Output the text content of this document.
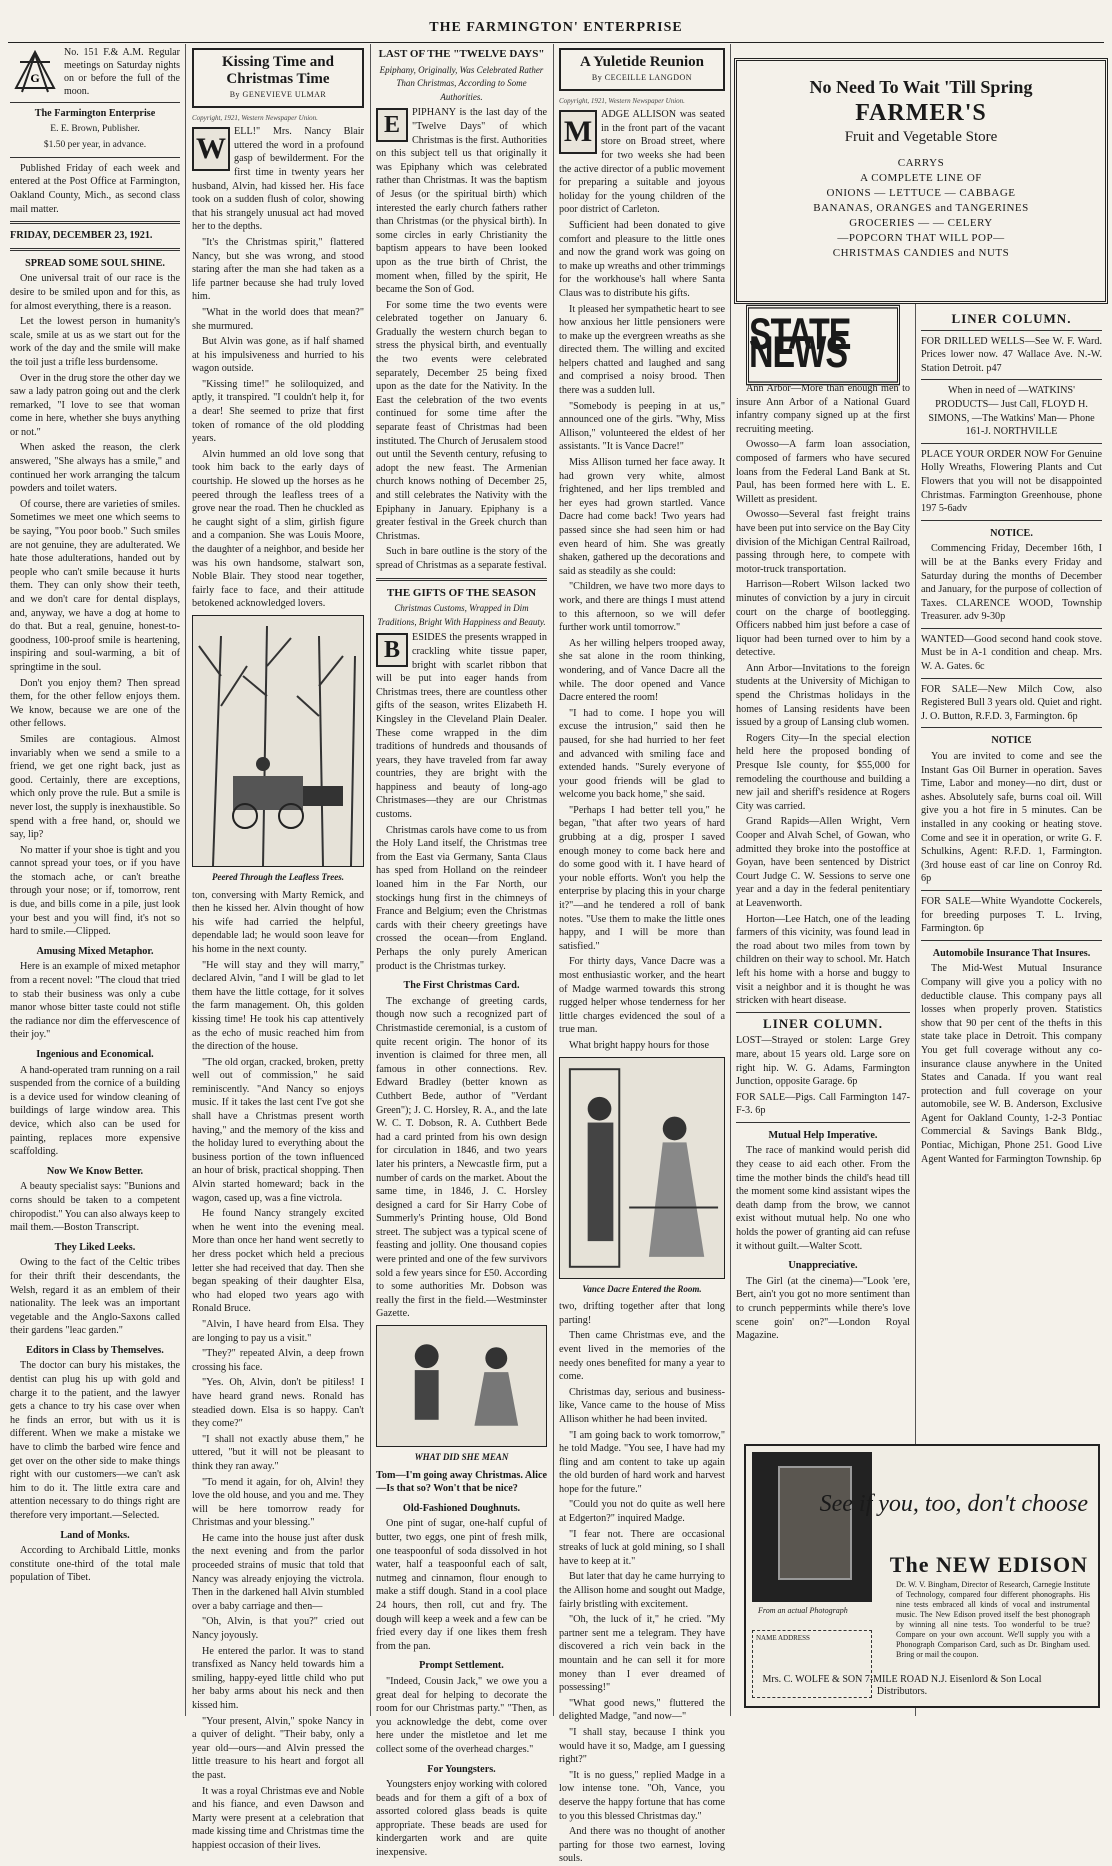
THE FARMINGTON' ENTERPRISE
G
No. 151 F.& A.M. Regular meetings on Saturday nights on or before the full of the moon.

The Farmington Enterprise

E. E. Brown, Publisher.

$1.50 per year, in advance.

Published Friday of each week and entered at the Post Office at Farmington, Oakland County, Mich., as second class mail matter.

FRIDAY, DECEMBER 23, 1921.

SPREAD SOME SOUL SHINE.

One universal trait of our race is the desire to be smiled upon and for this, as for almost everything, there is a reason.

Let the lowest person in humanity's scale, smile at us as we start out for the work of the day and the smile will make the toil just a trifle less burdensome.

Over in the drug store the other day we saw a lady patron going out and the clerk remarked, "I love to see that woman come in here, whether she buys anything or not."

When asked the reason, the clerk answered, "She always has a smile," and continued her work arranging the talcum powders and toilet waters.

Of course, there are varieties of smiles. Sometimes we meet one which seems to be saying, "You poor boob." Such smiles are not genuine, they are adulterated. We hate those adulterations, handed out by people who can't smile because it hurts them. They can only show their teeth, and we don't care for dental displays, and, anyway, we have a dog at home to do that. But a real, genuine, honest-to-goodness, 100-proof smile is heartening, inspiring and soul-warming, a bit of springtime in the soul.

Don't you enjoy them? Then spread them, for the other fellow enjoys them. We know, because we are one of the other fellows.

Smiles are contagious. Almost invariably when we send a smile to a friend, we get one right back, just as good. Certainly, there are exceptions, which only prove the rule. But a smile is never lost, the supply is inexhaustible. So spend with a free hand, or, should we say, lip?

No matter if your shoe is tight and you cannot spread your toes, or if you have the stomach ache, or can't breathe through your nose; or if, tomorrow, rent is due, and bills come in a pile, just look your best and you will find, it's not so hard to smile.—Clipped.

Amusing Mixed Metaphor.

Here is an example of mixed metaphor from a recent novel: "The cloud that tried to stab their business was only a cube manor whose bitter taste could not stifle the radiance nor dim the effervescence of their joy."

Ingenious and Economical.

A hand-operated tram running on a rail suspended from the cornice of a building is a device used for window cleaning of buildings of large window area. This device, which also can be used for painting, replaces more expensive scaffolding.

Now We Know Better.

A beauty specialist says: "Bunions and corns should be taken to a competent chiropodist." You can also always keep to mail them.—Boston Transcript.

They Liked Leeks.

Owing to the fact of the Celtic tribes for their thrift their descendants, the Welsh, regard it as an emblem of their nationality. The leek was an important vegetable and the Anglo-Saxons called their gardens "leac garden."

Editors in Class by Themselves.

The doctor can bury his mistakes, the dentist can plug his up with gold and charge it to the patient, and the lawyer gets a chance to try his case over when he finds an error, but with us it is different. When we make a mistake we have to climb the barbed wire fence and get over on the other side to make things right with our customers—we can't ask him to do it. The little extra care and attention necessary to do things right are therefore very important.—Selected.

Land of Monks.

According to Archibald Little, monks constitute one-third of the total male population of Tibet.

Kissing Time and Christmas Time
By GENEVIEVE ULMAR
Copyright, 1921, Western Newspaper Union.
W

ELL!" Mrs. Nancy Blair uttered the word in a profound gasp of bewilderment. For the first time in twenty years her husband, Alvin, had kissed her. His face took on a sudden flush of color, showing that his strangely unusual act had moved her to the depths.

"It's the Christmas spirit," flattered Nancy, but she was wrong, and stood staring after the man she had taken as a life partner because she had truly loved him.

"What in the world does that mean?" she murmured.

But Alvin was gone, as if half shamed at his impulsiveness and hurried to his wagon outside.

"Kissing time!" he soliloquized, and aptly, it transpired. "I couldn't help it, for a dear! She seemed to prize that first token of romance of the old plodding years.

Alvin hummed an old love song that took him back to the early days of courtship. He slowed up the horses as he peered through the leafless trees of a grove near the road. Then he chuckled as he caught sight of a slim, girlish figure and a companion. She was Louis Moore, the daughter of a neighbor, and beside her was his own handsome, stalwart son, Noble Blair. They stood near together, fairly face to face, and their attitude betokened acknowledged lovers.

Peered Through the Leafless Trees.

ton, conversing with Marty Remick, and then he kissed her. Alvin thought of how his wife had carried the helpful, dependable lad; he would soon leave for his home in the next county.

"He will stay and they will marry," declared Alvin, "and I will be glad to let them have the little cottage, for it solves the farm management. Oh, this golden kissing time! He took his cap attentively as the echo of music reached him from the direction of the house.

"The old organ, cracked, broken, pretty well out of commission," he said reminiscently. "And Nancy so enjoys music. If it takes the last cent I've got she shall have a Christmas present worth having," and the memory of the kiss and the holiday lured to everything about the business portion of the town influenced an hour of brisk, practical shopping. Then Alvin started homeward; back in the wagon, cased up, was a fine victrola.

He found Nancy strangely excited when he went into the evening meal. More than once her hand went secretly to her dress pocket which held a precious letter she had received that day. Then she began speaking of their daughter Elsa, who had eloped two years ago with Ronald Bruce.

"Alvin, I have heard from Elsa. They are longing to pay us a visit."

"They?" repeated Alvin, a deep frown crossing his face.

"Yes. Oh, Alvin, don't be pitiless! I have heard grand news. Ronald has steadied down. Elsa is so happy. Can't they come?"

"I shall not exactly abuse them," he uttered, "but it will not be pleasant to think they ran away."

"To mend it again, for oh, Alvin! they love the old house, and you and me. They will be here tomorrow ready for Christmas and your blessing."

He came into the house just after dusk the next evening and from the parlor proceeded strains of music that told that Nancy was already enjoying the victrola. Then in the darkened hall Alvin stumbled over a baby carriage and then—

"Oh, Alvin, is that you?" cried out Nancy joyously.

He entered the parlor. It was to stand transfixed as Nancy held towards him a smiling, happy-eyed little child who put her baby arms about his neck and then kissed him.

"Your present, Alvin," spoke Nancy in a quiver of delight. "Their baby, only a year old—ours—and Alvin pressed the little treasure to his heart and forgot all the past.

It was a royal Christmas eve and Noble and his fiance, and even Dawson and Marty were present at a celebration that made kissing time and Christmas time the happiest occasion of their lives.

LAST OF THE "TWELVE DAYS"

Epiphany, Originally, Was Celebrated Rather Than Christmas, According to Some Authorities.

E	PIPHANY is the last day of the "Twelve Days" of which Christmas is the first. Authorities on this subject tell us that originally it was Epiphany which was celebrated rather than Christmas. It was the baptism of Jesus (or the spiritual birth) which interested the early church fathers rather than Christmas (or the physical birth). In some circles in early Christianity the baptism appears to have been looked upon as the true birth of Christ, the moment when, filled by the spirit, He became the Son of God.

For some time the two events were celebrated together on January 6. Gradually the western church began to stress the physical birth, and eventually the two events were celebrated separately, December 25 being fixed upon as the date for the Nativity. In the East the celebration of the two events continued for some time after the separate feast of Christmas had been instituted. The Church of Jerusalem stood out until the Seventh century, refusing to adopt the new feast. The Armenian church knows nothing of December 25, and still celebrates the Nativity with the Epiphany in January. Epiphany is a greater festival in the Greek church than Christmas.

Such in bare outline is the story of the spread of Christmas as a separate festival.

THE GIFTS OF THE SEASON

Christmas Customs, Wrapped in Dim Traditions, Bright With Happiness and Beauty.

B	ESIDES the presents wrapped in crackling white tissue paper, bright with scarlet ribbon that will be put into eager hands from Christmas trees, there are countless other gifts of the season, writes Elizabeth H. Kingsley in the Cleveland Plain Dealer. These come wrapped in the dim traditions of hundreds and thousands of years, they have traveled from far away countries, they are bright with the happiness and beauty of long-ago Christmases—they are our Christmas customs.

Christmas carols have come to us from the Holy Land itself, the Christmas tree from the East via Germany, Santa Claus has sped from Holland on the reindeer loaned him in the Far North, our stockings hung first in the chimneys of France and Belgium; even the Christmas cards with their cheery greetings have crossed the ocean—from England. Perhaps the only purely American product is the Christmas turkey.

The First Christmas Card.

The exchange of greeting cards, though now such a recognized part of Christmastide ceremonial, is a custom of quite recent origin. The honor of its invention is claimed for three men, all famous in other connections. Rev. Edward Bradley (better known as Cuthbert Bede, author of "Verdant Green"); J. C. Horsley, R. A., and the late W. C. T. Dobson, R. A. Cuthbert Bede had a card printed from his own design for circulation in 1846, and two years later his printers, a Newcastle firm, put a number of cards on the market. About the same time, in 1846, J. C. Horsley designed a card for Sir Harry Cobe of Summerly's Printing house, Old Bond street. The subject was a typical scene of feasting and jollity. One thousand copies were printed and one of the few survivors sold a few years since for £50. According to some authorities Mr. Dobson was really the first in the field.—Westminster Gazette.

WHAT DID SHE MEAN

Tom—I'm going away Christmas. Alice—Is that so? Won't that be nice?

Old-Fashioned Doughnuts.

One pint of sugar, one-half cupful of butter, two eggs, one pint of fresh milk, one teaspoonful of soda dissolved in hot water, half a teaspoonful each of salt, nutmeg and cinnamon, flour enough to make a stiff dough. Stand in a cool place 24 hours, then roll, cut and fry. The dough will keep a week and a few can be fried every day if one likes them fresh from the pan.

Prompt Settlement.

"Indeed, Cousin Jack," we owe you a great deal for helping to decorate the room for our Christmas party." "Then, as you acknowledge the debt, come over here under the mistletoe and let me collect some of the overhead charges."

For Youngsters.

Youngsters enjoy working with colored beads and for them a gift of a box of assorted colored glass beads is quite appropriate. These beads are used for kindergarten work and are quite inexpensive.

A Yuletide Reunion
By CECEILLE LANGDON
Copyright, 1921, Western Newspaper Union.
M

ADGE ALLISON was seated in the front part of the vacant store on Broad street, where for two weeks she had been the active director of a public movement for preparing a suitable and joyous holiday for the young children of the poor district of Carleton.

Sufficient had been donated to give comfort and pleasure to the little ones and now the grand work was going on to make up wreaths and other trimmings for the workhouse's hall where Santa Claus was to distribute his gifts.

It pleased her sympathetic heart to see how anxious her little pensioners were to make up the evergreen wreaths as she directed them. The willing and excited helpers chatted and laughed and sang and comprised a noisy brood. Then there was a sudden lull.

"Somebody is peeping in at us," announced one of the girls. "Why, Miss Allison," volunteered the eldest of her assistants. "It is Vance Dacre!"

Miss Allison turned her face away. It had grown very white, almost frightened, and her lips trembled and her eyes had grown startled. Vance Dacre had come back! Two years had passed since she had seen him or had even heard of him. She was greatly shaken, gathered up the decorations and said as steadily as she could:

"Children, we have two more days to work, and there are things I must attend to this afternoon, so we will defer further work until tomorrow."

As her willing helpers trooped away, she sat alone in the room thinking, wondering, and of Vance Dacre all the while. The door opened and Vance Dacre entered the room!

"I had to come. I hope you will excuse the intrusion," said then he paused, for she had hurried to her feet and advanced with smiling face and extended hands. "Surely everyone of your good friends will be glad to welcome you back home," she said.

"Perhaps I had better tell you," he began, "that after two years of hard grubbing at a dig, prosper I saved enough money to come back here and do some good with it. I have heard of your noble efforts. Won't you help the enterprise by placing this in your charge it?"—and he tendered a roll of bank notes. "Use them to make the little ones happy, and I will be more than satisfied."

For thirty days, Vance Dacre was a most enthusiastic worker, and the heart of Madge warmed towards this strong rugged helper whose tenderness for her little charges evidenced the soul of a true man.

What bright happy hours for those

Vance Dacre Entered the Room.

two, drifting together after that long parting!

Then came Christmas eve, and the event lived in the memories of the needy ones benefited for many a year to come.

Christmas day, serious and business-like, Vance came to the house of Miss Allison whither he had been invited.

"I am going back to work tomorrow," he told Madge. "You see, I have had my fling and am content to take up again the old burden of hard work and harvest hope for the future."

"Could you not do quite as well here at Edgerton?" inquired Madge.

"I fear not. There are occasional streaks of luck at gold mining, so I shall have to keep at it."

But later that day he came hurrying to the Allison home and sought out Madge, fairly bristling with excitement.

"Oh, the luck of it," he cried. "My partner sent me a telegram. They have discovered a rich vein back in the mountain and he can sell it for more money than I ever dreamed of possessing!"

"What good news," fluttered the delighted Madge, "and now—"

"I shall stay, because I think you would have it so, Madge, am I guessing right?"

"It is no guess," replied Madge in a low intense tone. "Oh, Vance, you deserve the happy fortune that has come to you this blessed Christmas day."

And there was no thought of another parting for those two earnest, loving souls.

No Need To Wait 'Till Spring
FARMER'S
Fruit and Vegetable Store
CARRYS
A COMPLETE LINE OF
ONIONS — LETTUCE — CABBAGE
BANANAS, ORANGES and TANGERINES
GROCERIES — — CELERY
—POPCORN THAT WILL POP—
CHRISTMAS CANDIES and NUTS
STATE NEWS

Ann Arbor—More than enough men to insure Ann Arbor of a National Guard infantry company signed up at the first recruiting meeting.

Owosso—A farm loan association, composed of farmers who have secured loans from the Federal Land Bank at St. Paul, has been formed here with L. E. Willett as president.

Owosso—Several fast freight trains have been put into service on the Bay City division of the Michigan Central Railroad, passing through here, to compete with motor-truck transportation.

Harrison—Robert Wilson lacked two minutes of conviction by a jury in circuit court on the charge of bootlegging. Officers nabbed him just before a case of liquor had been turned over to him by a detective.

Ann Arbor—Invitations to the foreign students at the University of Michigan to spend the Christmas holidays in the homes of Lansing residents have been issued by a group of Lansing club women.

Rogers City—In the special election held here the proposed bonding of Presque Isle county, for $55,000 for remodeling the courthouse and building a new jail and sheriff's residence at Rogers City was carried.

Grand Rapids—Allen Wright, Vern Cooper and Alvah Schel, of Gowan, who admitted they broke into the postoffice at Goyan, have been sentenced by District Court Judge C. W. Sessions to serve one year and a day in the federal penitentiary at Leavenworth.

Horton—Lee Hatch, one of the leading farmers of this vicinity, was found lead in the road about two miles from town by children on their way to school. Mr. Hatch left his home with a horse and buggy to visit a neighbor and it is thought he was stricken with heart disease.

LINER COLUMN.

LOST—Strayed or stolen: Large Grey mare, about 15 years old. Large sore on right hip. W. G. Adams, Farmington Junction, opposite Garage. 6p

FOR SALE—Pigs. Call Farmington 147-F-3. 6p

Mutual Help Imperative.

The race of mankind would perish did they cease to aid each other. From the time the mother binds the child's head till the moment some kind assistant wipes the death damp from the brow, we cannot exist without mutual help. No one who holds the power of granting aid can refuse it without guilt.—Walter Scott.

Unappreciative.

The Girl (at the cinema)—"Look 'ere, Bert, ain't you got no more sentiment than to crunch peppermints while there's love scene goin' on?"—London Royal Magazine.

LINER COLUMN.

FOR DRILLED WELLS—See W. F. Ward. Prices lower now. 47 Wallace Ave. N.-W. Station Detroit. p47

When in need of —WATKINS' PRODUCTS— Just Call, FLOYD H. SIMONS, —The Watkins' Man— Phone 161-J. NORTHVILLE

PLACE YOUR ORDER NOW For Genuine Holly Wreaths, Flowering Plants and Cut Flowers that you will not be disappointed Christmas. Farmington Greenhouse, phone 197 5-6adv

NOTICE.

Commencing Friday, December 16th, I will be at the Banks every Friday and Saturday during the months of December and January, for the purpose of collection of Taxes. CLARENCE WOOD, Township Treasurer. adv 9-30p

WANTED—Good second hand cook stove. Must be in A-1 condition and cheap. Mrs. W. A. Gates. 6c

FOR SALE—New Milch Cow, also Registered Bull 3 years old. Quiet and right. J. O. Button, R.F.D. 3, Farmington. 6p

NOTICE

You are invited to come and see the Instant Gas Oil Burner in operation. Saves Time, Labor and money—no dirt, dust or ashes. Absolutely safe, burns coal oil. Will give you a hot fire in 5 minutes. Can be installed in any cooking or heating stove. Come and see it in operation, or write G. F. Schulkins, Agent: R.F.D. 1, Farmington. (3rd house east of car line on Conroy Rd. 6p

FOR SALE—White Wyandotte Cockerels, for breeding purposes T. L. Irving, Farmington. 6p

Automobile Insurance That Insures.

The Mid-West Mutual Insurance Company will give you a policy with no deductible clause. This company pays all losses when properly proven. Statistics show that 90 per cent of the thefts in this state take place in Detroit. This company You get full coverage without any co-insurance clause anywhere in the United States and Canada. If you want real protection and full coverage on your automobile, see W. B. Anderson, Exclusive Agent for Oakland County, 1-2-3 Pontiac Commercial & Savings Bank Bldg., Pontiac, Michigan, Phone 251. Good Live Agent Wanted for Farmington Township. 6p

From an actual Photograph
See if you, too, don't choose
The NEW EDISON
Dr. W. V. Bingham, Director of Research, Carnegie Institute of Technology, compared four different phonographs. His nine tests embraced all kinds of vocal and instrumental music. The New Edison proved itself the best phonograph by winning all nine tests. Too wonderful to be true? Compare on your own account. We'll supply you with a Phonograph Comparison Card, such as Dr. Bingham used. Bring or mail the coupon.
NAME ADDRESS
Mrs. C. WOLFE & SON 7-MILE ROAD N.J. Eisenlord & Son Local Distributors.
